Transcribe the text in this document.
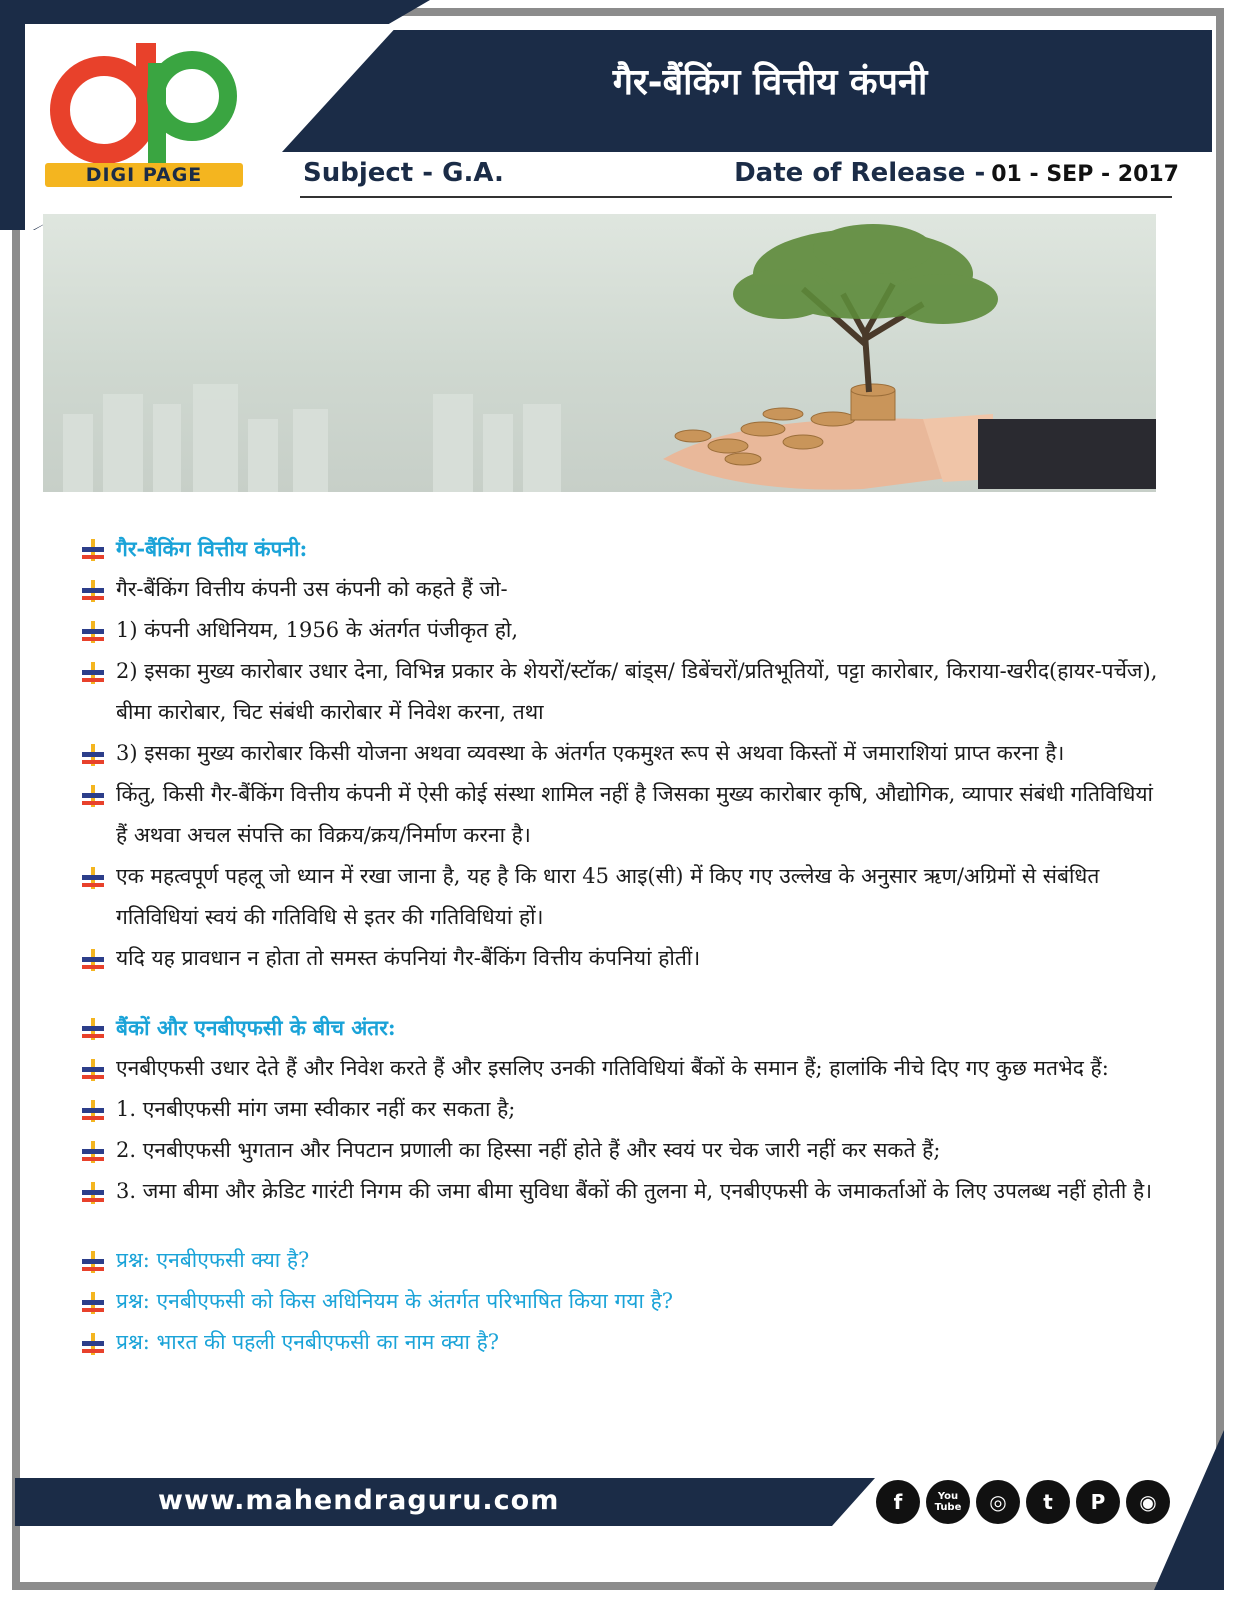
गैर-बैंकिंग वित्तीय कंपनी
DIGI PAGE	Subject - G.A.	Date of Release - 01 - SEP - 2017
गैर-बैंकिंग वित्तीय कंपनी:
गैर-बैंकिंग वित्तीय कंपनी उस कंपनी को कहते हैं जो-
1) कंपनी अधिनियम, 1956 के अंतर्गत पंजीकृत हो,
2) इसका मुख्य कारोबार उधार देना, विभिन्न प्रकार के शेयरों/स्टॉक/ बांड्स/ डिबेंचरों/प्रतिभूतियों, पट्टा कारोबार, किराया-खरीद(हायर-पर्चेज), बीमा कारोबार, चिट संबंधी कारोबार में निवेश करना, तथा
3) इसका मुख्य कारोबार किसी योजना अथवा व्यवस्था के अंतर्गत एकमुश्त रूप से अथवा किस्तों में जमाराशियां प्राप्त करना है।
किंतु, किसी गैर-बैंकिंग वित्तीय कंपनी में ऐसी कोई संस्था शामिल नहीं है जिसका मुख्य कारोबार कृषि, औद्योगिक, व्यापार संबंधी गतिविधियां हैं अथवा अचल संपत्ति का विक्रय/क्रय/निर्माण करना है।
एक महत्वपूर्ण पहलू जो ध्यान में रखा जाना है, यह है कि धारा 45 आइ(सी) में किए गए उल्लेख के अनुसार ऋण/अग्रिमों से संबंधित गतिविधियां स्वयं की गतिविधि से इतर की गतिविधियां हों।
यदि यह प्रावधान न होता तो समस्त कंपनियां गैर-बैंकिंग वित्तीय कंपनियां होतीं।
बैंकों और एनबीएफसी के बीच अंतर:
एनबीएफसी उधार देते हैं और निवेश करते हैं और इसलिए उनकी गतिविधियां बैंकों के समान हैं; हालांकि नीचे दिए गए कुछ मतभेद हैं:
1. एनबीएफसी मांग जमा स्वीकार नहीं कर सकता है;
2. एनबीएफसी भुगतान और निपटान प्रणाली का हिस्सा नहीं होते हैं और स्वयं पर चेक जारी नहीं कर सकते हैं;
3. जमा बीमा और क्रेडिट गारंटी निगम की जमा बीमा सुविधा बैंकों की तुलना मे, एनबीएफसी के जमाकर्ताओं के लिए उपलब्ध नहीं होती है।
प्रश्न: एनबीएफसी क्या है?
प्रश्न: एनबीएफसी को किस अधिनियम के अंतर्गत परिभाषित किया गया है?
प्रश्न: भारत की पहली एनबीएफसी का नाम क्या है?
www.mahendraguru.com	f	You Tube	◎	t	P	◉
